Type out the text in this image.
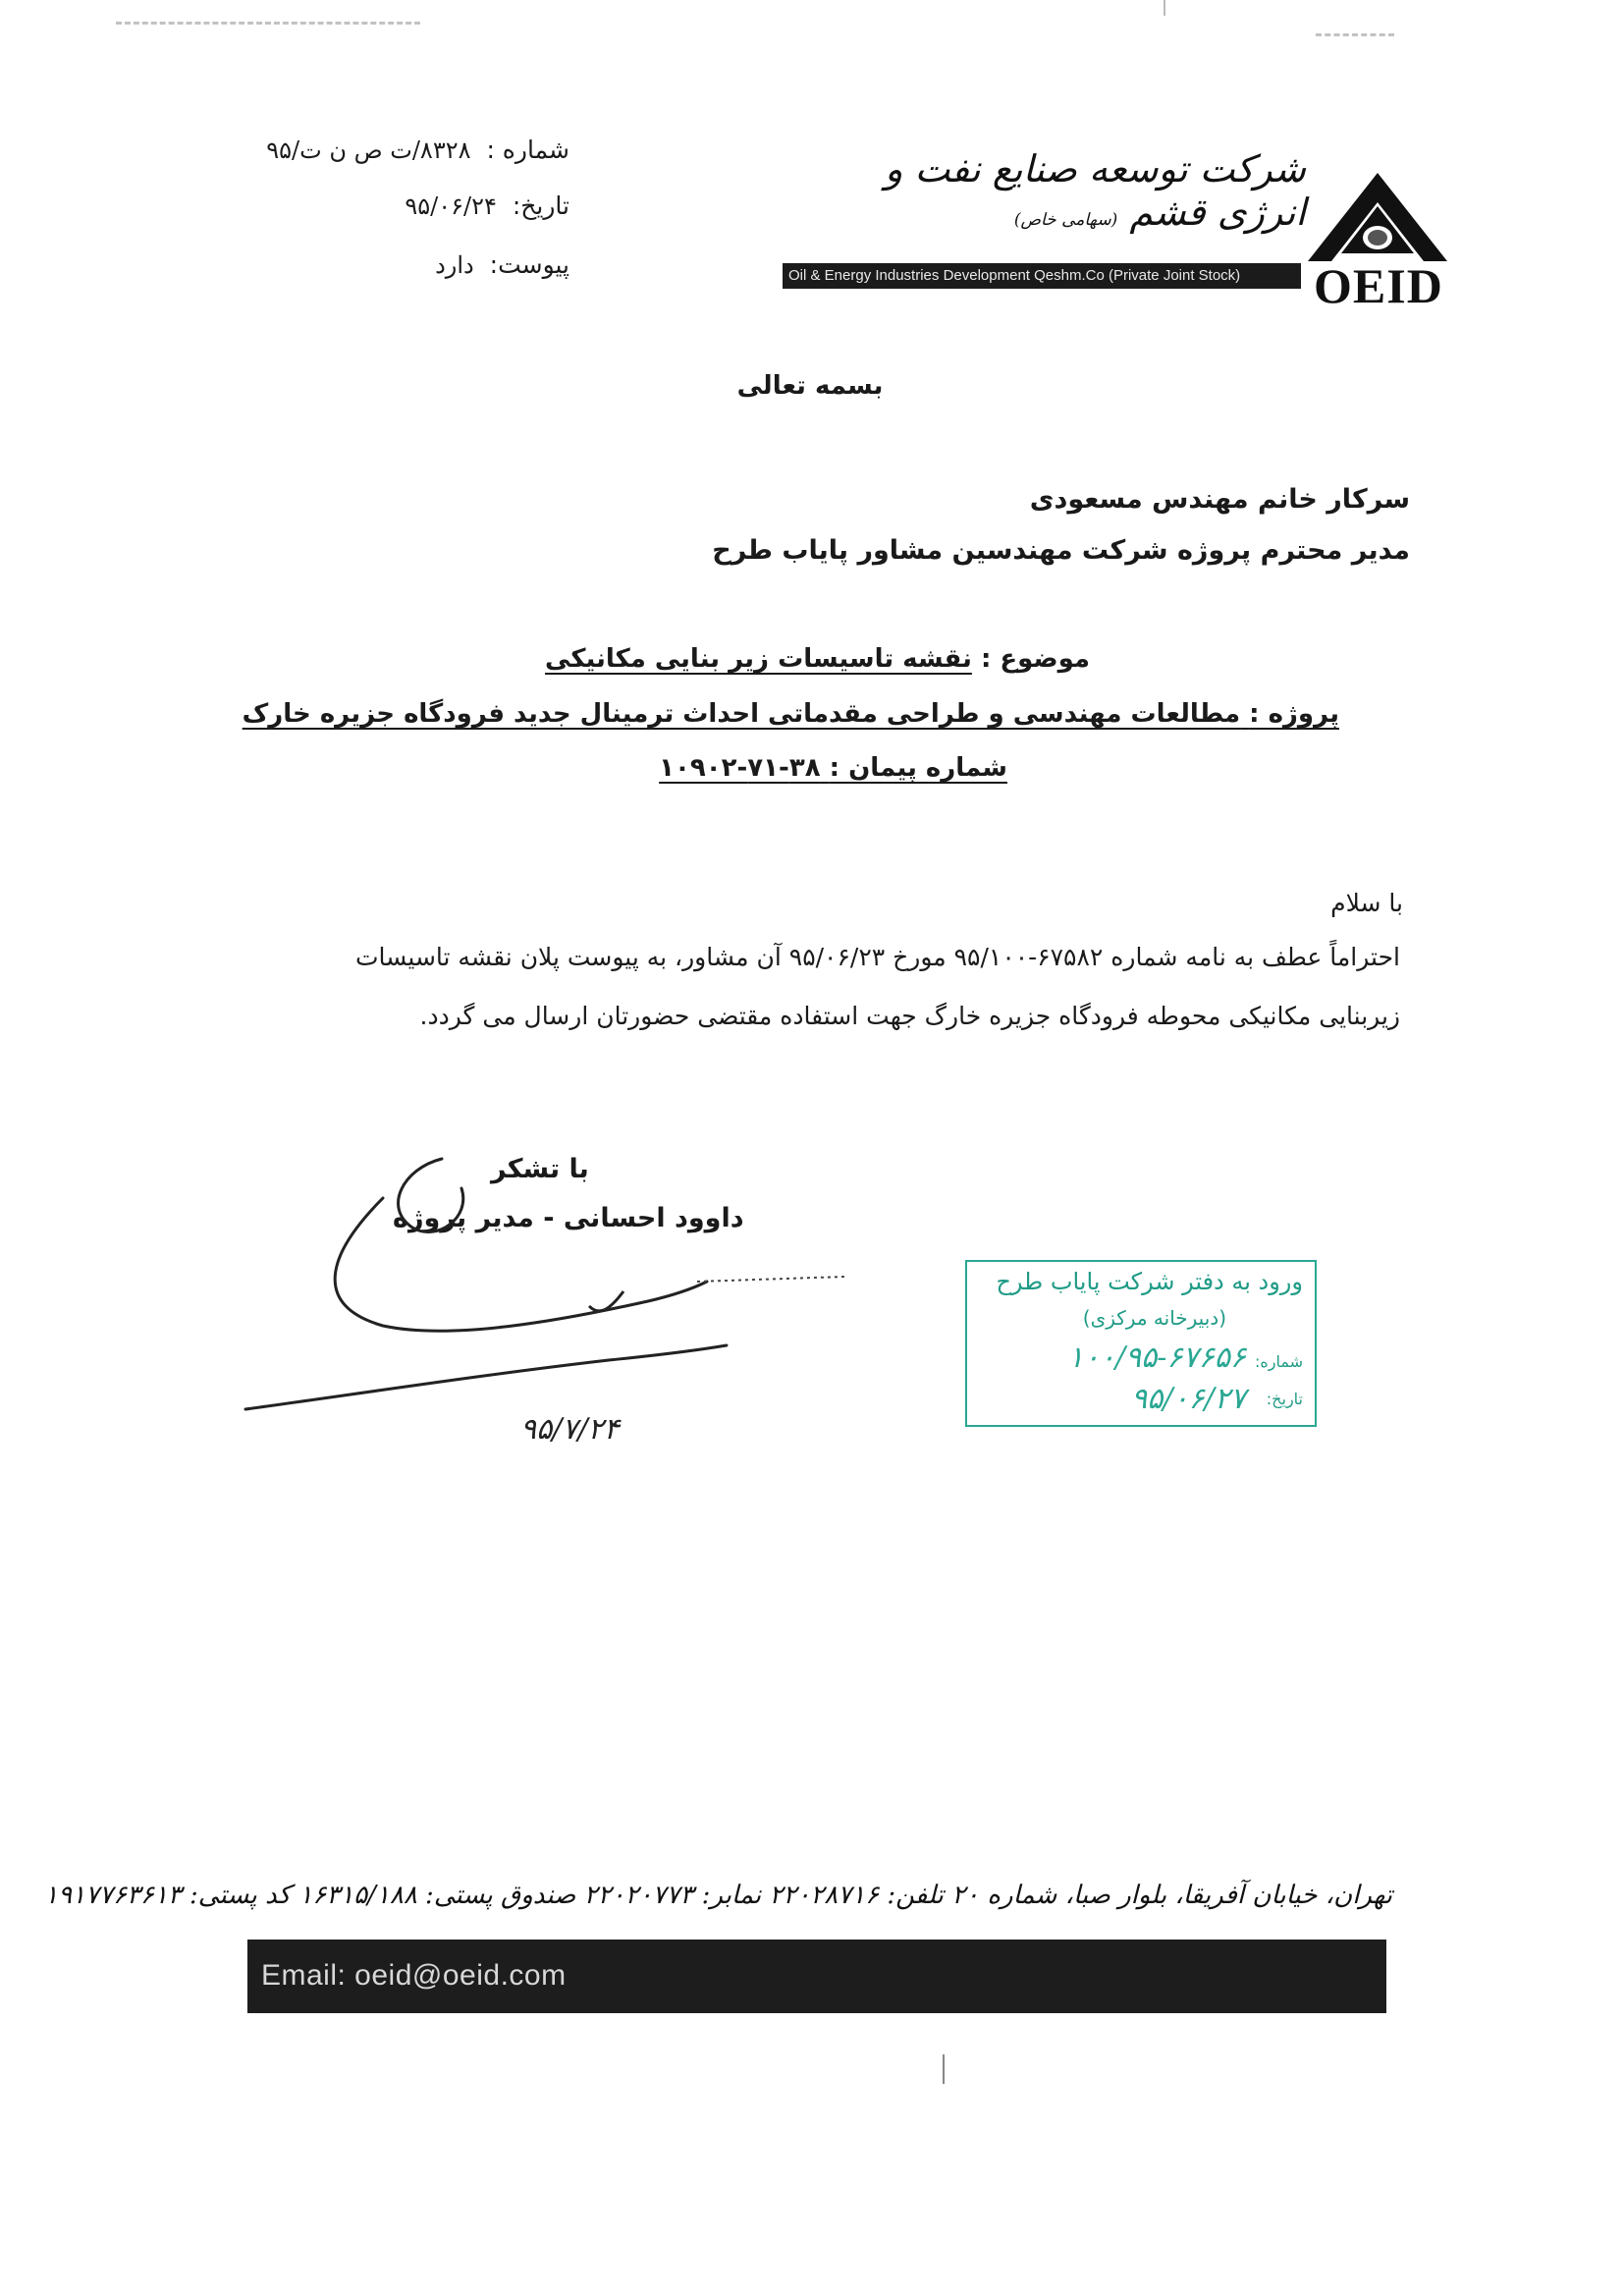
شماره : ۸۳۲۸/ت ص ن ت/۹۵
تاریخ: ۹۵/۰۶/۲۴
پیوست: دارد
شرکت توسعه صنایع نفت و انرژی قشم (سهامی خاص)
Oil & Energy Industries Development Qeshm.Co (Private Joint Stock)	OEID
بسمه تعالی
سرکار خانم مهندس مسعودی
مدیر محترم پروژه شرکت مهندسین مشاور پایاب طرح
موضوع : نقشه تاسیسات زیر بنایی مکانیکی
پروژه : مطالعات مهندسی و طراحی مقدماتی احداث ترمینال جدید فرودگاه جزیره خارک
شماره پیمان : ۳۸-۷۱-۱۰۹۰۲
با سلام
احتراماً عطف به نامه شماره ۶۷۵۸۲-۹۵/۱۰۰ مورخ ۹۵/۰۶/۲۳ آن مشاور، به پیوست پلان نقشه تاسیسات
زیربنایی مکانیکی محوطه فرودگاه جزیره خارگ جهت استفاده مقتضی حضورتان ارسال می گردد.
با تشکر
داوود احسانی - مدیر پروژه
۹۵/۷/۲۴
ورود به دفتر شرکت پایاب طرح
(دبیرخانه مرکزی)
شماره:
۱۰۰/۹۵-۶۷۶۵۶
تاریخ:
۹۵/۰۶/۲۷
تهران، خیابان آفریقا، بلوار صبا، شماره ۲۰ تلفن: ۲۲۰۲۸۷۱۶ نمابر: ۲۲۰۲۰۷۷۳ صندوق پستی: ۱۶۳۱۵/۱۸۸ کد پستی: ۱۹۱۷۷۶۳۶۱۳
Email: oeid@oeid.com
